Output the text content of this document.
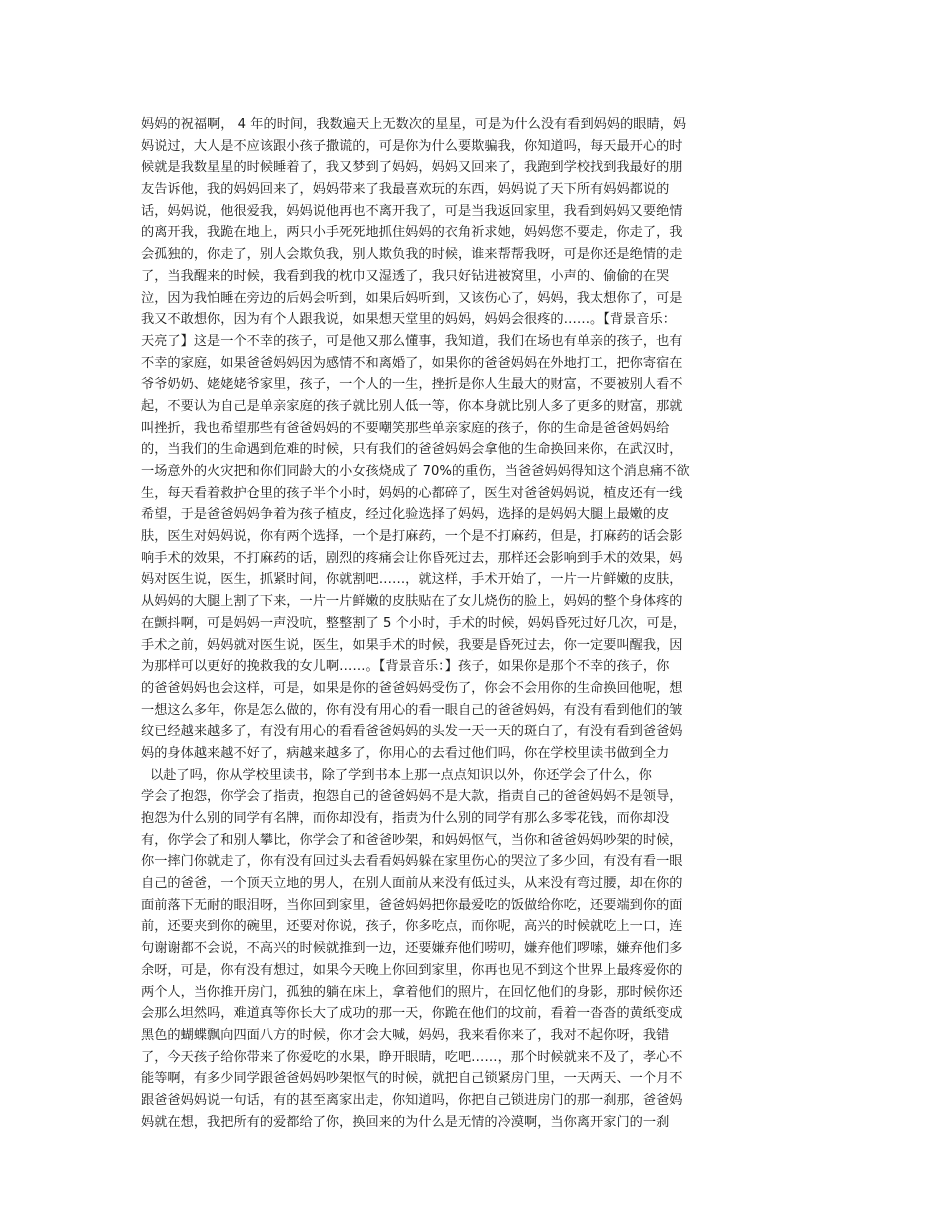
妈妈的祝福啊， 4 年的时间，我数遍天上无数次的星星，可是为什么没有看到妈妈的眼睛，妈
妈说过，大人是不应该跟小孩子撒谎的，可是你为什么要欺骗我，你知道吗，每天最开心的时
候就是我数星星的时候睡着了，我又梦到了妈妈，妈妈又回来了，我跑到学校找到我最好的朋
友告诉他，我的妈妈回来了，妈妈带来了我最喜欢玩的东西，妈妈说了天下所有妈妈都说的
话，妈妈说，他很爱我，妈妈说他再也不离开我了，可是当我返回家里，我看到妈妈又要绝情
的离开我，我跪在地上，两只小手死死地抓住妈妈的衣角祈求她，妈妈您不要走，你走了，我
会孤独的，你走了，别人会欺负我，别人欺负我的时候，谁来帮帮我呀，可是你还是绝情的走
了，当我醒来的时候，我看到我的枕巾又湿透了，我只好钻进被窝里，小声的、偷偷的在哭
泣，因为我怕睡在旁边的后妈会听到，如果后妈听到，又该伤心了，妈妈，我太想你了，可是
我又不敢想你，因为有个人跟我说，如果想天堂里的妈妈，妈妈会很疼的……。【背景音乐：
天亮了】这是一个不幸的孩子，可是他又那么懂事，我知道，我们在场也有单亲的孩子，也有
不幸的家庭，如果爸爸妈妈因为感情不和离婚了，如果你的爸爸妈妈在外地打工，把你寄宿在
爷爷奶奶、姥姥姥爷家里，孩子，一个人的一生，挫折是你人生最大的财富，不要被别人看不
起，不要认为自己是单亲家庭的孩子就比别人低一等，你本身就比别人多了更多的财富，那就
叫挫折，我也希望那些有爸爸妈妈的不要嘲笑那些单亲家庭的孩子，你的生命是爸爸妈妈给
的，当我们的生命遇到危难的时候，只有我们的爸爸妈妈会拿他的生命换回来你，在武汉时，
一场意外的火灾把和你们同龄大的小女孩烧成了 70%的重伤，当爸爸妈妈得知这个消息痛不欲
生，每天看着救护仓里的孩子半个小时，妈妈的心都碎了，医生对爸爸妈妈说，植皮还有一线
希望，于是爸爸妈妈争着为孩子植皮，经过化验选择了妈妈，选择的是妈妈大腿上最嫩的皮
肤，医生对妈妈说，你有两个选择，一个是打麻药，一个是不打麻药，但是，打麻药的话会影
响手术的效果，不打麻药的话，剧烈的疼痛会让你昏死过去，那样还会影响到手术的效果，妈
妈对医生说，医生，抓紧时间，你就割吧……，就这样，手术开始了，一片一片鲜嫩的皮肤，
从妈妈的大腿上割了下来，一片一片鲜嫩的皮肤贴在了女儿烧伤的脸上，妈妈的整个身体疼的
在颤抖啊，可是妈妈一声没吭，整整割了 5 个小时，手术的时候，妈妈昏死过好几次，可是，
手术之前，妈妈就对医生说，医生，如果手术的时候，我要是昏死过去，你一定要叫醒我，因
为那样可以更好的挽救我的女儿啊……。【背景音乐：】孩子，如果你是那个不幸的孩子，你
的爸爸妈妈也会这样，可是，如果是你的爸爸妈妈受伤了，你会不会用你的生命换回他呢，想
一想这么多年，你是怎么做的，你有没有用心的看一眼自己的爸爸妈妈，有没有看到他们的皱
纹已经越来越多了，有没有用心的看看爸爸妈妈的头发一天一天的斑白了，有没有看到爸爸妈
妈的身体越来越不好了，病越来越多了，你用心的去看过他们吗，你在学校里读书做到全力
以赴了吗，你从学校里读书，除了学到书本上那一点点知识以外，你还学会了什么，你
学会了抱怨，你学会了指责，抱怨自己的爸爸妈妈不是大款，指责自己的爸爸妈妈不是领导，
抱怨为什么别的同学有名牌，而你却没有，指责为什么别的同学有那么多零花钱，而你却没
有，你学会了和别人攀比，你学会了和爸爸吵架，和妈妈怄气，当你和爸爸妈妈吵架的时候，
你一摔门你就走了，你有没有回过头去看看妈妈躲在家里伤心的哭泣了多少回，有没有看一眼
自己的爸爸，一个顶天立地的男人，在别人面前从来没有低过头，从来没有弯过腰，却在你的
面前落下无耐的眼泪呀，当你回到家里，爸爸妈妈把你最爱吃的饭做给你吃，还要端到你的面
前，还要夹到你的碗里，还要对你说，孩子，你多吃点，而你呢，高兴的时候就吃上一口，连
句谢谢都不会说，不高兴的时候就推到一边，还要嫌弃他们唠叨，嫌弃他们啰嗦，嫌弃他们多
余呀，可是，你有没有想过，如果今天晚上你回到家里，你再也见不到这个世界上最疼爱你的
两个人，当你推开房门，孤独的躺在床上，拿着他们的照片，在回忆他们的身影，那时候你还
会那么坦然吗，难道真等你长大了成功的那一天，你跪在他们的坟前，看着一沓沓的黄纸变成
黑色的蝴蝶飘向四面八方的时候，你才会大喊，妈妈，我来看你来了，我对不起你呀，我错
了，今天孩子给你带来了你爱吃的水果，睁开眼睛，吃吧……，那个时候就来不及了，孝心不
能等啊，有多少同学跟爸爸妈妈吵架怄气的时候，就把自己锁紧房门里，一天两天、一个月不
跟爸爸妈妈说一句话，有的甚至离家出走，你知道吗，你把自己锁进房门的那一刹那，爸爸妈
妈就在想，我把所有的爱都给了你，换回来的为什么是无情的冷漠啊，当你离开家门的一刹
